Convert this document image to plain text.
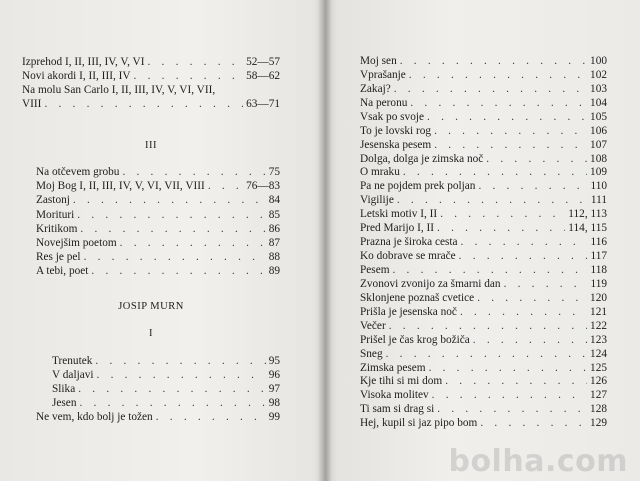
Izprehod I, II, III, IV, V, VI . . .	52—57
Novi akordi I, II, III, IV . . .	58—62
Na molu San Carlo I, II, III, IV, V, VI, VII,
VIII . . .	63—71
III
Na otčevem grobu . . .	75
Moj Bog I, II, III, IV, V, VI, VII, VIII . . .	76—83
Zastonj . . .	84
Morituri . . .	85
Kritikom . . .	86
Novejšim poetom . . .	87
Res je pel . . .	88
A tebi, poet . . .	89
JOSIP MURN
I
Trenutek . . .	95
V daljavi . . .	96
Slika . . .	97
Jesen . . .	98
Ne vem, kdo bolj je tožen . . .	99
Moj sen . . .	100
Vprašanje . . .	102
Zakaj? . . .	103
Na peronu . . .	104
Vsak po svoje . . .	105
To je lovski rog . . .	106
Jesenska pesem . . .	107
Dolga, dolga je zimska noč . . .	108
O mraku . . .	109
Pa ne pojdem prek poljan . . .	110
Vigilije . . .	111
Letski motiv I, II . . .	112, 113
Pred Marijo I, II . . .	114, 115
Prazna je široka cesta . . .	116
Ko dobrave se mrače . . .	117
Pesem . . .	118
Zvonovi zvonijo za šmarni dan . . .	119
Sklonjene poznaš cvetice . . .	120
Prišla je jesenska noč . . .	121
Večer . . .	122
Prišel je čas krog božiča . . .	123
Sneg . . .	124
Zimska pesem . . .	125
Kje tihi si mi dom . . .	126
Visoka molitev . . .	127
Ti sam si drag si . . .	128
Hej, kupil si jaz pipo bom . . .	129
bolha.com
